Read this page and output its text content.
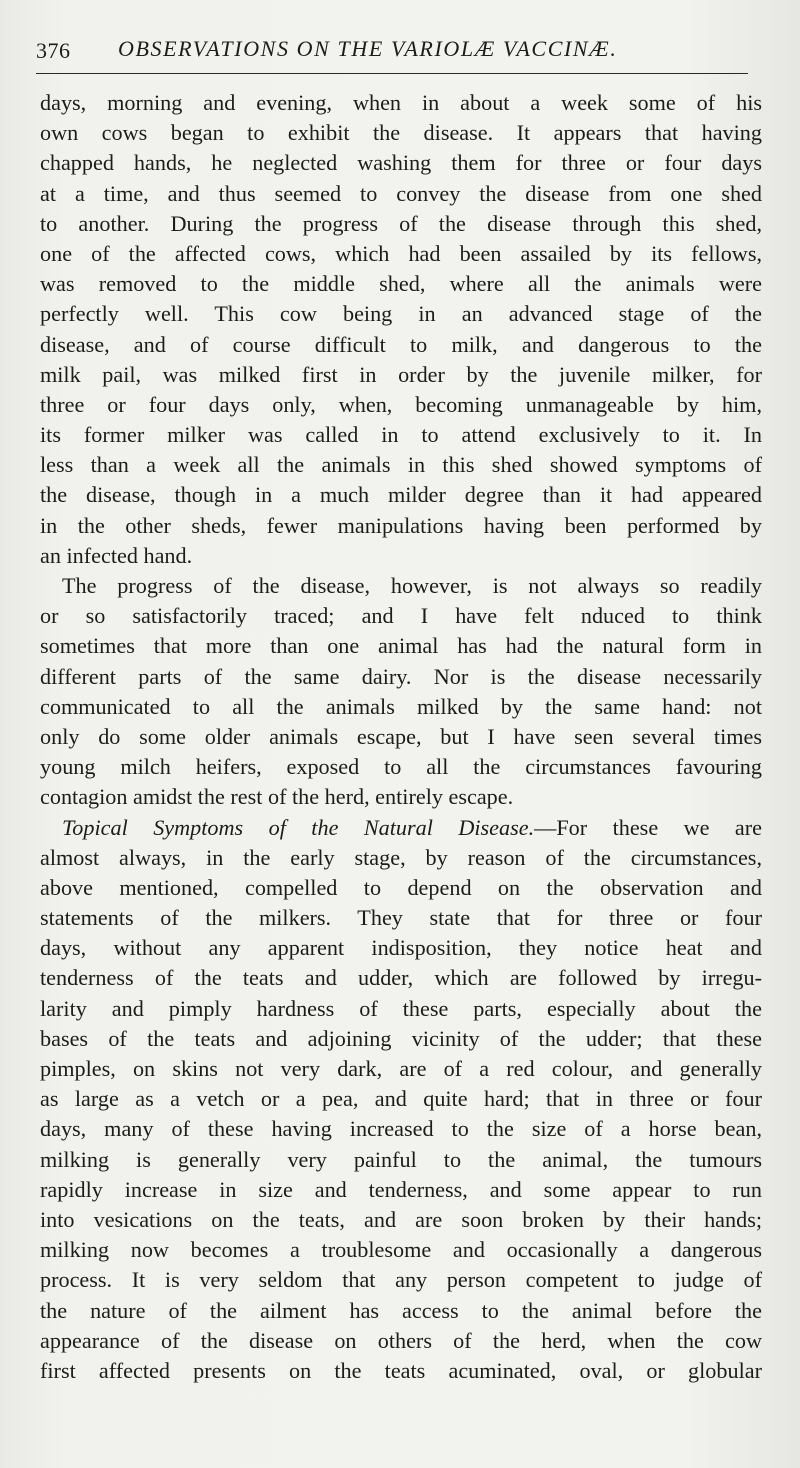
376 OBSERVATIONS ON THE VARIOLÆ VACCINÆ.
days, morning and evening, when in about a week some of his
own cows began to exhibit the disease. It appears that having
chapped hands, he neglected washing them for three or four days
at a time, and thus seemed to convey the disease from one shed
to another. During the progress of the disease through this shed,
one of the affected cows, which had been assailed by its fellows,
was removed to the middle shed, where all the animals were
perfectly well. This cow being in an advanced stage of the
disease, and of course difficult to milk, and dangerous to the
milk pail, was milked first in order by the juvenile milker, for
three or four days only, when, becoming unmanageable by him,
its former milker was called in to attend exclusively to it. In
less than a week all the animals in this shed showed symptoms of
the disease, though in a much milder degree than it had appeared
in the other sheds, fewer manipulations having been performed by
an infected hand.
The progress of the disease, however, is not always so readily
or so satisfactorily traced; and I have felt nduced to think
sometimes that more than one animal has had the natural form in
different parts of the same dairy. Nor is the disease necessarily
communicated to all the animals milked by the same hand: not
only do some older animals escape, but I have seen several times
young milch heifers, exposed to all the circumstances favouring
contagion amidst the rest of the herd, entirely escape.
Topical Symptoms of the Natural Disease.—For these we are
almost always, in the early stage, by reason of the circumstances,
above mentioned, compelled to depend on the observation and
statements of the milkers. They state that for three or four
days, without any apparent indisposition, they notice heat and
tenderness of the teats and udder, which are followed by irregu-
larity and pimply hardness of these parts, especially about the
bases of the teats and adjoining vicinity of the udder; that these
pimples, on skins not very dark, are of a red colour, and generally
as large as a vetch or a pea, and quite hard; that in three or four
days, many of these having increased to the size of a horse bean,
milking is generally very painful to the animal, the tumours
rapidly increase in size and tenderness, and some appear to run
into vesications on the teats, and are soon broken by their hands;
milking now becomes a troublesome and occasionally a dangerous
process. It is very seldom that any person competent to judge of
the nature of the ailment has access to the animal before the
appearance of the disease on others of the herd, when the cow
first affected presents on the teats acuminated, oval, or globular
